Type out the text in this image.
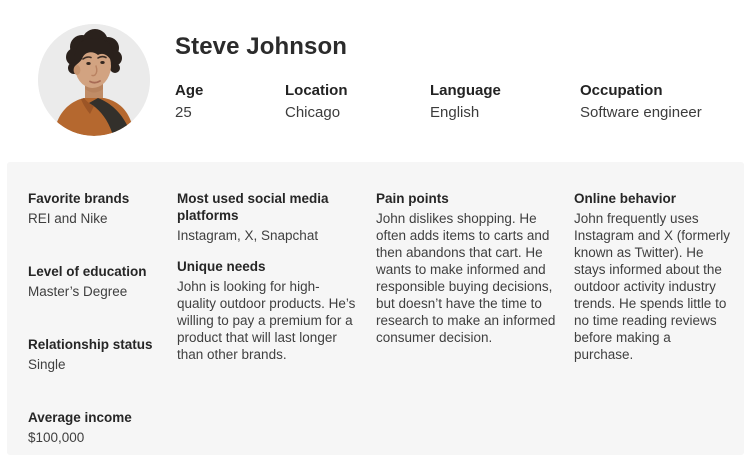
Steve Johnson
Age
25
Location
Chicago
Language
English
Occupation
Software engineer
Favorite brands
REI and Nike
Level of education
Master’s Degree
Relationship status
Single
Average income
$100,000
Most used social media platforms
Instagram, X, Snapchat
Unique needs
John is looking for high-quality outdoor products. He’s willing to pay a premium for a product that will last longer than other brands.
Pain points
John dislikes shopping. He often adds items to carts and then abandons that cart. He wants to make informed and responsible buying decisions, but doesn’t have the time to research to make an informed consumer decision.
Online behavior
John frequently uses Instagram and X (formerly known as Twitter). He stays informed about the outdoor activity industry trends. He spends little to no time reading reviews before making a purchase.
